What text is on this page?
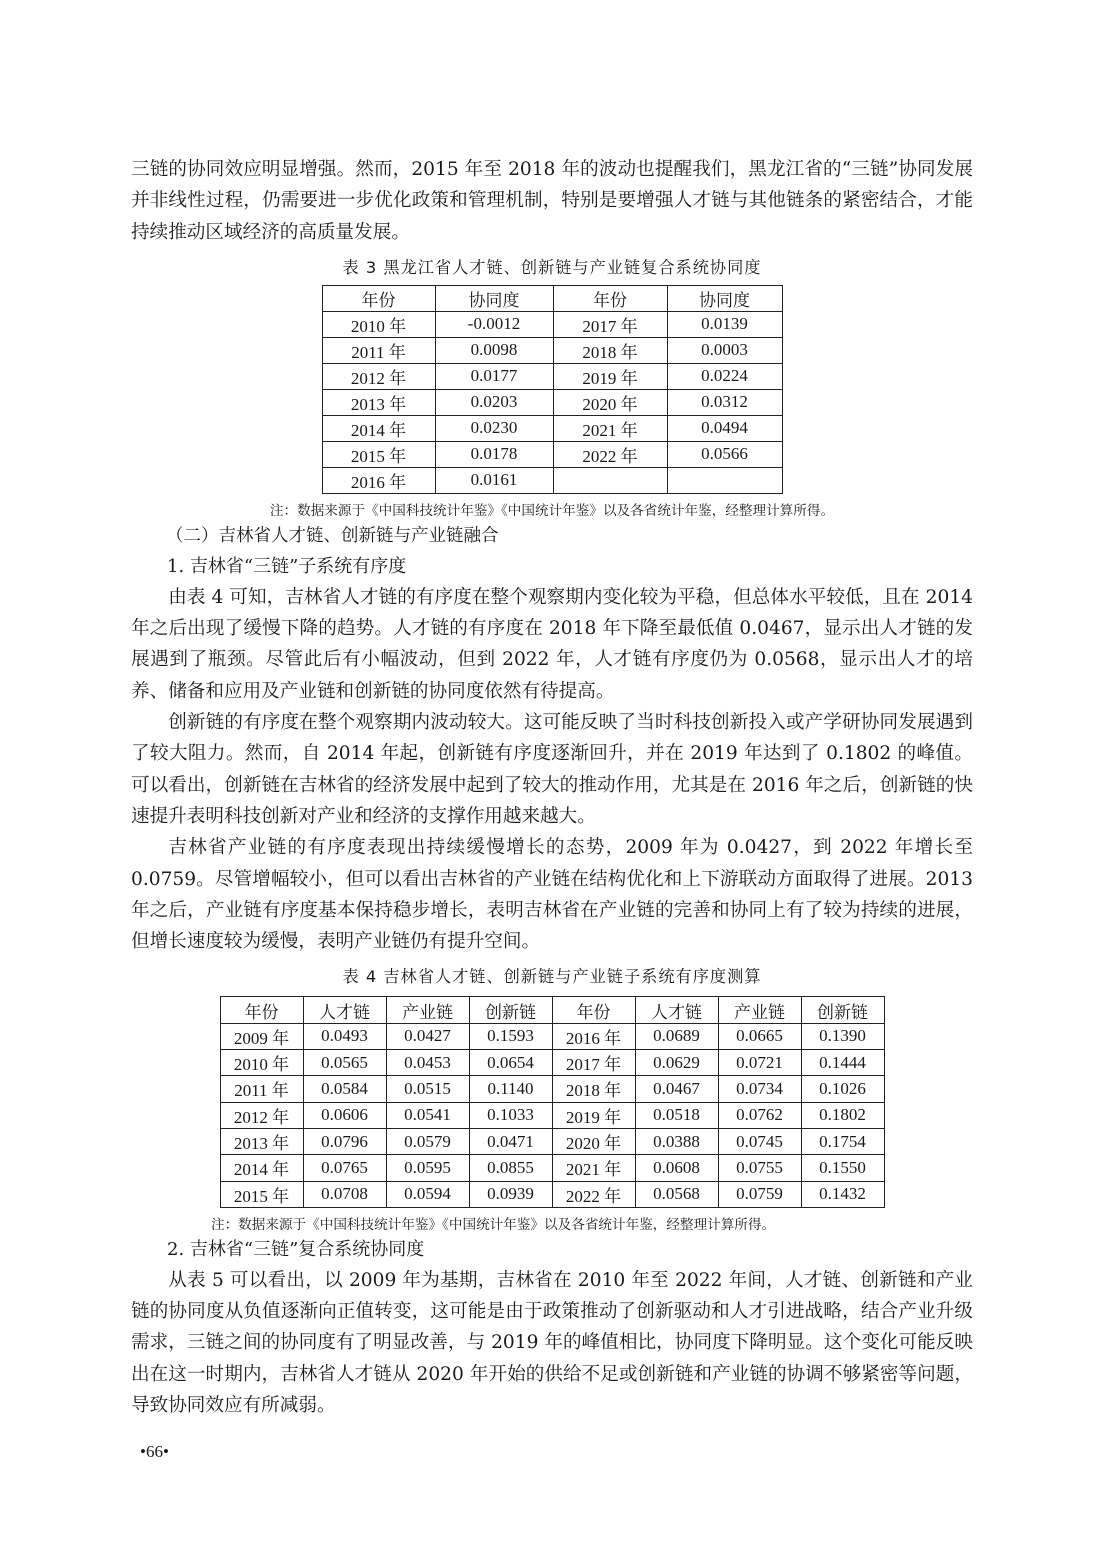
三链的协同效应明显增强。然而，2015 年至 2018 年的波动也提醒我们，黑龙江省的“三链”协同发展并非线性过程，仍需要进一步优化政策和管理机制，特别是要增强人才链与其他链条的紧密结合，才能持续推动区域经济的高质量发展。

表 3 黑龙江省人才链、创新链与产业链复合系统协同度

年份	协同度	年份	协同度
2010 年	-0.0012	2017 年	0.0139
2011 年	0.0098	2018 年	0.0003
2012 年	0.0177	2019 年	0.0224
2013 年	0.0203	2020 年	0.0312
2014 年	0.0230	2021 年	0.0494
2015 年	0.0178	2022 年	0.0566
2016 年	0.0161		

注：数据来源于《中国科技统计年鉴》《中国统计年鉴》以及各省统计年鉴，经整理计算所得。

（二）吉林省人才链、创新链与产业链融合

1. 吉林省“三链”子系统有序度

由表 4 可知，吉林省人才链的有序度在整个观察期内变化较为平稳，但总体水平较低，且在 2014 年之后出现了缓慢下降的趋势。人才链的有序度在 2018 年下降至最低值 0.0467，显示出人才链的发展遇到了瓶颈。尽管此后有小幅波动，但到 2022 年，人才链有序度仍为 0.0568，显示出人才的培养、储备和应用及产业链和创新链的协同度依然有待提高。

创新链的有序度在整个观察期内波动较大。这可能反映了当时科技创新投入或产学研协同发展遇到了较大阻力。然而，自 2014 年起，创新链有序度逐渐回升，并在 2019 年达到了 0.1802 的峰值。可以看出，创新链在吉林省的经济发展中起到了较大的推动作用，尤其是在 2016 年之后，创新链的快速提升表明科技创新对产业和经济的支撑作用越来越大。

吉林省产业链的有序度表现出持续缓慢增长的态势，2009 年为 0.0427，到 2022 年增长至 0.0759。尽管增幅较小，但可以看出吉林省的产业链在结构优化和上下游联动方面取得了进展。2013 年之后，产业链有序度基本保持稳步增长，表明吉林省在产业链的完善和协同上有了较为持续的进展，但增长速度较为缓慢，表明产业链仍有提升空间。

表 4 吉林省人才链、创新链与产业链子系统有序度测算

年份	人才链	产业链	创新链	年份	人才链	产业链	创新链
2009 年	0.0493	0.0427	0.1593	2016 年	0.0689	0.0665	0.1390
2010 年	0.0565	0.0453	0.0654	2017 年	0.0629	0.0721	0.1444
2011 年	0.0584	0.0515	0.1140	2018 年	0.0467	0.0734	0.1026
2012 年	0.0606	0.0541	0.1033	2019 年	0.0518	0.0762	0.1802
2013 年	0.0796	0.0579	0.0471	2020 年	0.0388	0.0745	0.1754
2014 年	0.0765	0.0595	0.0855	2021 年	0.0608	0.0755	0.1550
2015 年	0.0708	0.0594	0.0939	2022 年	0.0568	0.0759	0.1432

注：数据来源于《中国科技统计年鉴》《中国统计年鉴》以及各省统计年鉴，经整理计算所得。

2. 吉林省“三链”复合系统协同度

从表 5 可以看出，以 2009 年为基期，吉林省在 2010 年至 2022 年间，人才链、创新链和产业链的协同度从负值逐渐向正值转变，这可能是由于政策推动了创新驱动和人才引进战略，结合产业升级需求，三链之间的协同度有了明显改善，与 2019 年的峰值相比，协同度下降明显。这个变化可能反映出在这一时期内，吉林省人才链从 2020 年开始的供给不足或创新链和产业链的协调不够紧密等问题，导致协同效应有所减弱。

•66•
